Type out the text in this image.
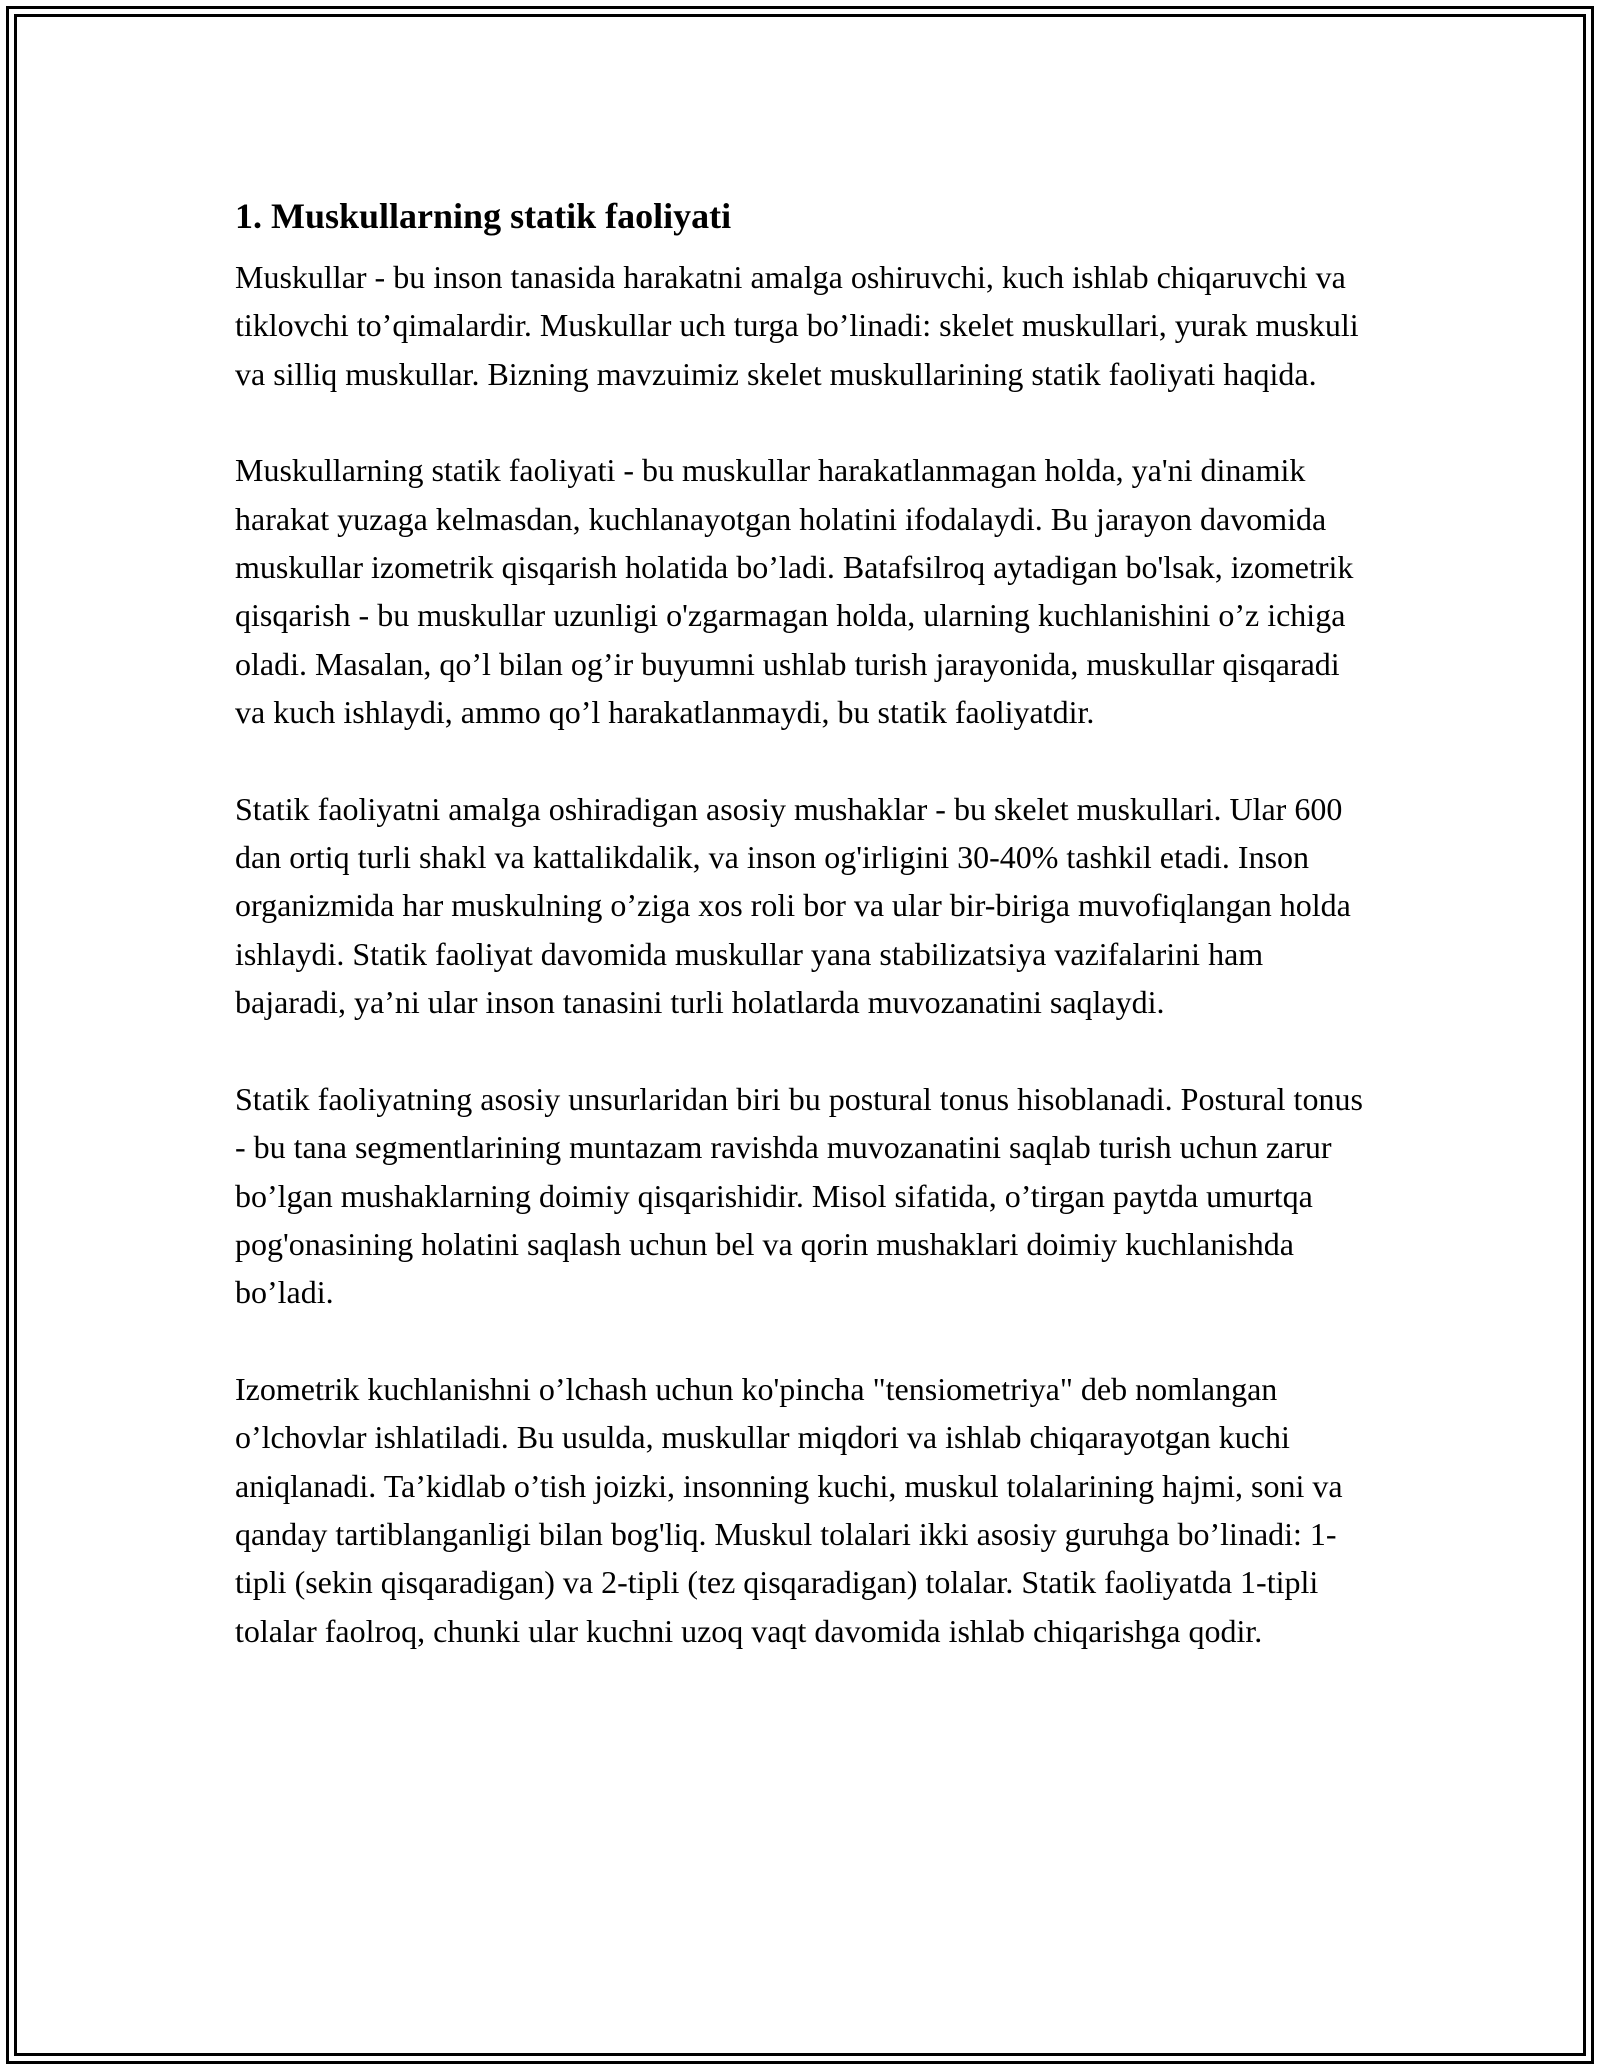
1. Muskullarning statik faoliyati

Muskullar - bu inson tanasida harakatni amalga oshiruvchi, kuch ishlab chiqaruvchi va tiklovchi to’qimalardir. Muskullar uch turga bo’linadi: skelet muskullari, yurak muskuli va silliq muskullar. Bizning mavzuimiz skelet muskullarining statik faoliyati haqida.

Muskullarning statik faoliyati - bu muskullar harakatlanmagan holda, ya'ni dinamik harakat yuzaga kelmasdan, kuchlanayotgan holatini ifodalaydi. Bu jarayon davomida muskullar izometrik qisqarish holatida bo’ladi. Batafsilroq aytadigan bo'lsak, izometrik qisqarish - bu muskullar uzunligi o'zgarmagan holda, ularning kuchlanishini o’z ichiga oladi. Masalan, qo’l bilan og’ir buyumni ushlab turish jarayonida, muskullar qisqaradi va kuch ishlaydi, ammo qo’l harakatlanmaydi, bu statik faoliyatdir.

Statik faoliyatni amalga oshiradigan asosiy mushaklar - bu skelet muskullari. Ular 600 dan ortiq turli shakl va kattalikdalik, va inson og'irligini 30-40% tashkil etadi. Inson organizmida har muskulning o’ziga xos roli bor va ular bir-biriga muvofiqlangan holda ishlaydi. Statik faoliyat davomida muskullar yana stabilizatsiya vazifalarini ham bajaradi, ya’ni ular inson tanasini turli holatlarda muvozanatini saqlaydi.

Statik faoliyatning asosiy unsurlaridan biri bu postural tonus hisoblanadi. Postural tonus - bu tana segmentlarining muntazam ravishda muvozanatini saqlab turish uchun zarur bo’lgan mushaklarning doimiy qisqarishidir. Misol sifatida, o’tirgan paytda umurtqa pog'onasining holatini saqlash uchun bel va qorin mushaklari doimiy kuchlanishda bo’ladi.

Izometrik kuchlanishni o’lchash uchun ko'pincha "tensiometriya" deb nomlangan o’lchovlar ishlatiladi. Bu usulda, muskullar miqdori va ishlab chiqarayotgan kuchi aniqlanadi. Ta’kidlab o’tish joizki, insonning kuchi, muskul tolalarining hajmi, soni va qanday tartiblanganligi bilan bog'liq. Muskul tolalari ikki asosiy guruhga bo’linadi: 1-tipli (sekin qisqaradigan) va 2-tipli (tez qisqaradigan) tolalar. Statik faoliyatda 1-tipli tolalar faolroq, chunki ular kuchni uzoq vaqt davomida ishlab chiqarishga qodir.
